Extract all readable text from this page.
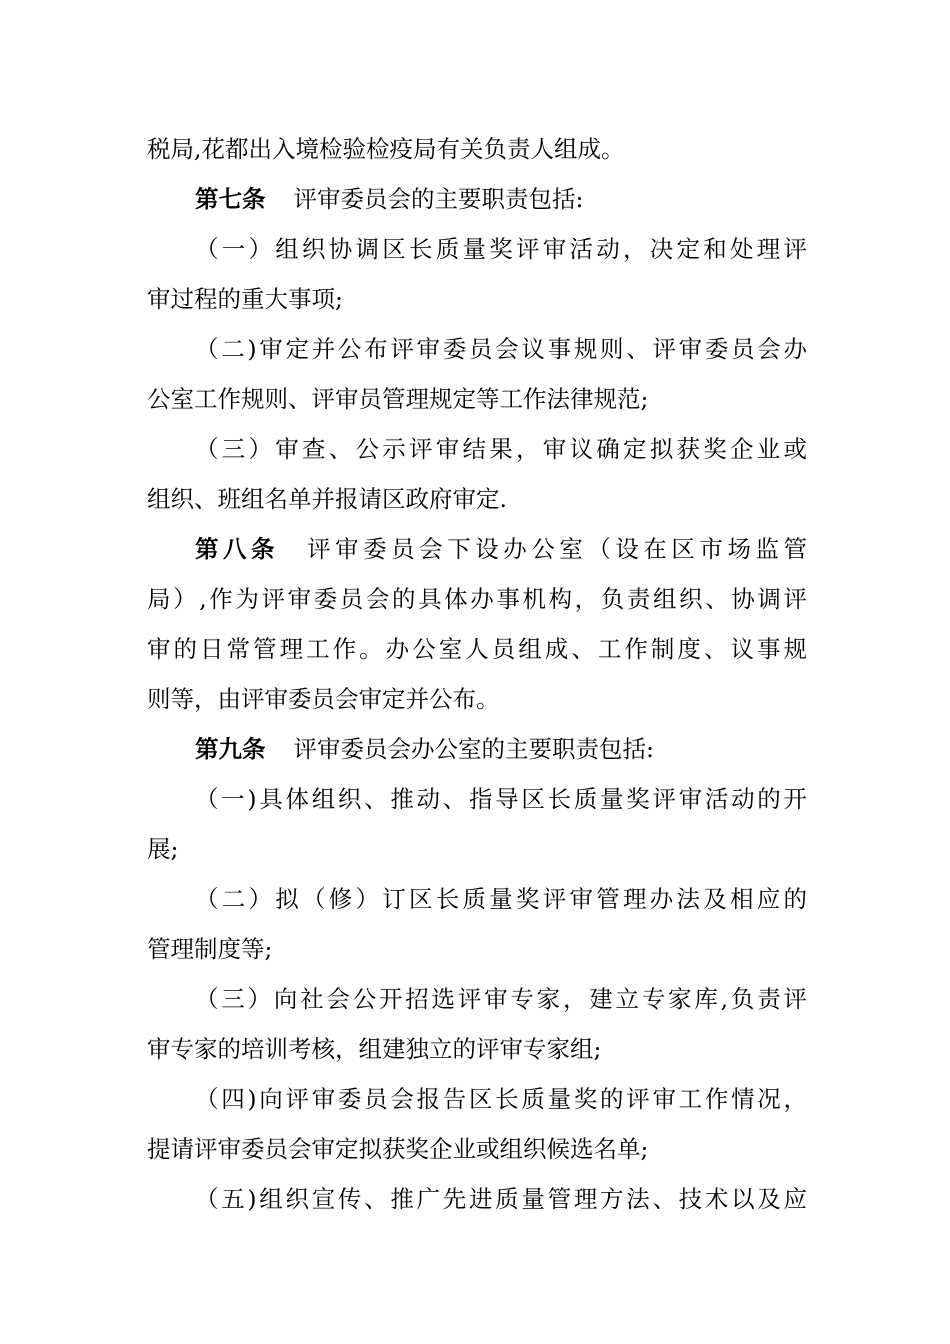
税局,花都出入境检验检疫局有关负责人组成。
第七条 评审委员会的主要职责包括:
（一）组织协调区长质量奖评审活动，决定和处理评
审过程的重大事项;
（二)审定并公布评审委员会议事规则、评审委员会办
公室工作规则、评审员管理规定等工作法律规范;
（三）审查、公示评审结果，审议确定拟获奖企业或
组织、班组名单并报请区政府审定.
第八条 评审委员会下设办公室（设在区市场监管
局）,作为评审委员会的具体办事机构，负责组织、协调评
审的日常管理工作。办公室人员组成、工作制度、议事规
则等，由评审委员会审定并公布。
第九条 评审委员会办公室的主要职责包括:
（一)具体组织、推动、指导区长质量奖评审活动的开
展;
（二）拟（修）订区长质量奖评审管理办法及相应的
管理制度等;
（三）向社会公开招选评审专家，建立专家库,负责评
审专家的培训考核，组建独立的评审专家组;
（四)向评审委员会报告区长质量奖的评审工作情况，
提请评审委员会审定拟获奖企业或组织候选名单;
（五)组织宣传、推广先进质量管理方法、技术以及应
